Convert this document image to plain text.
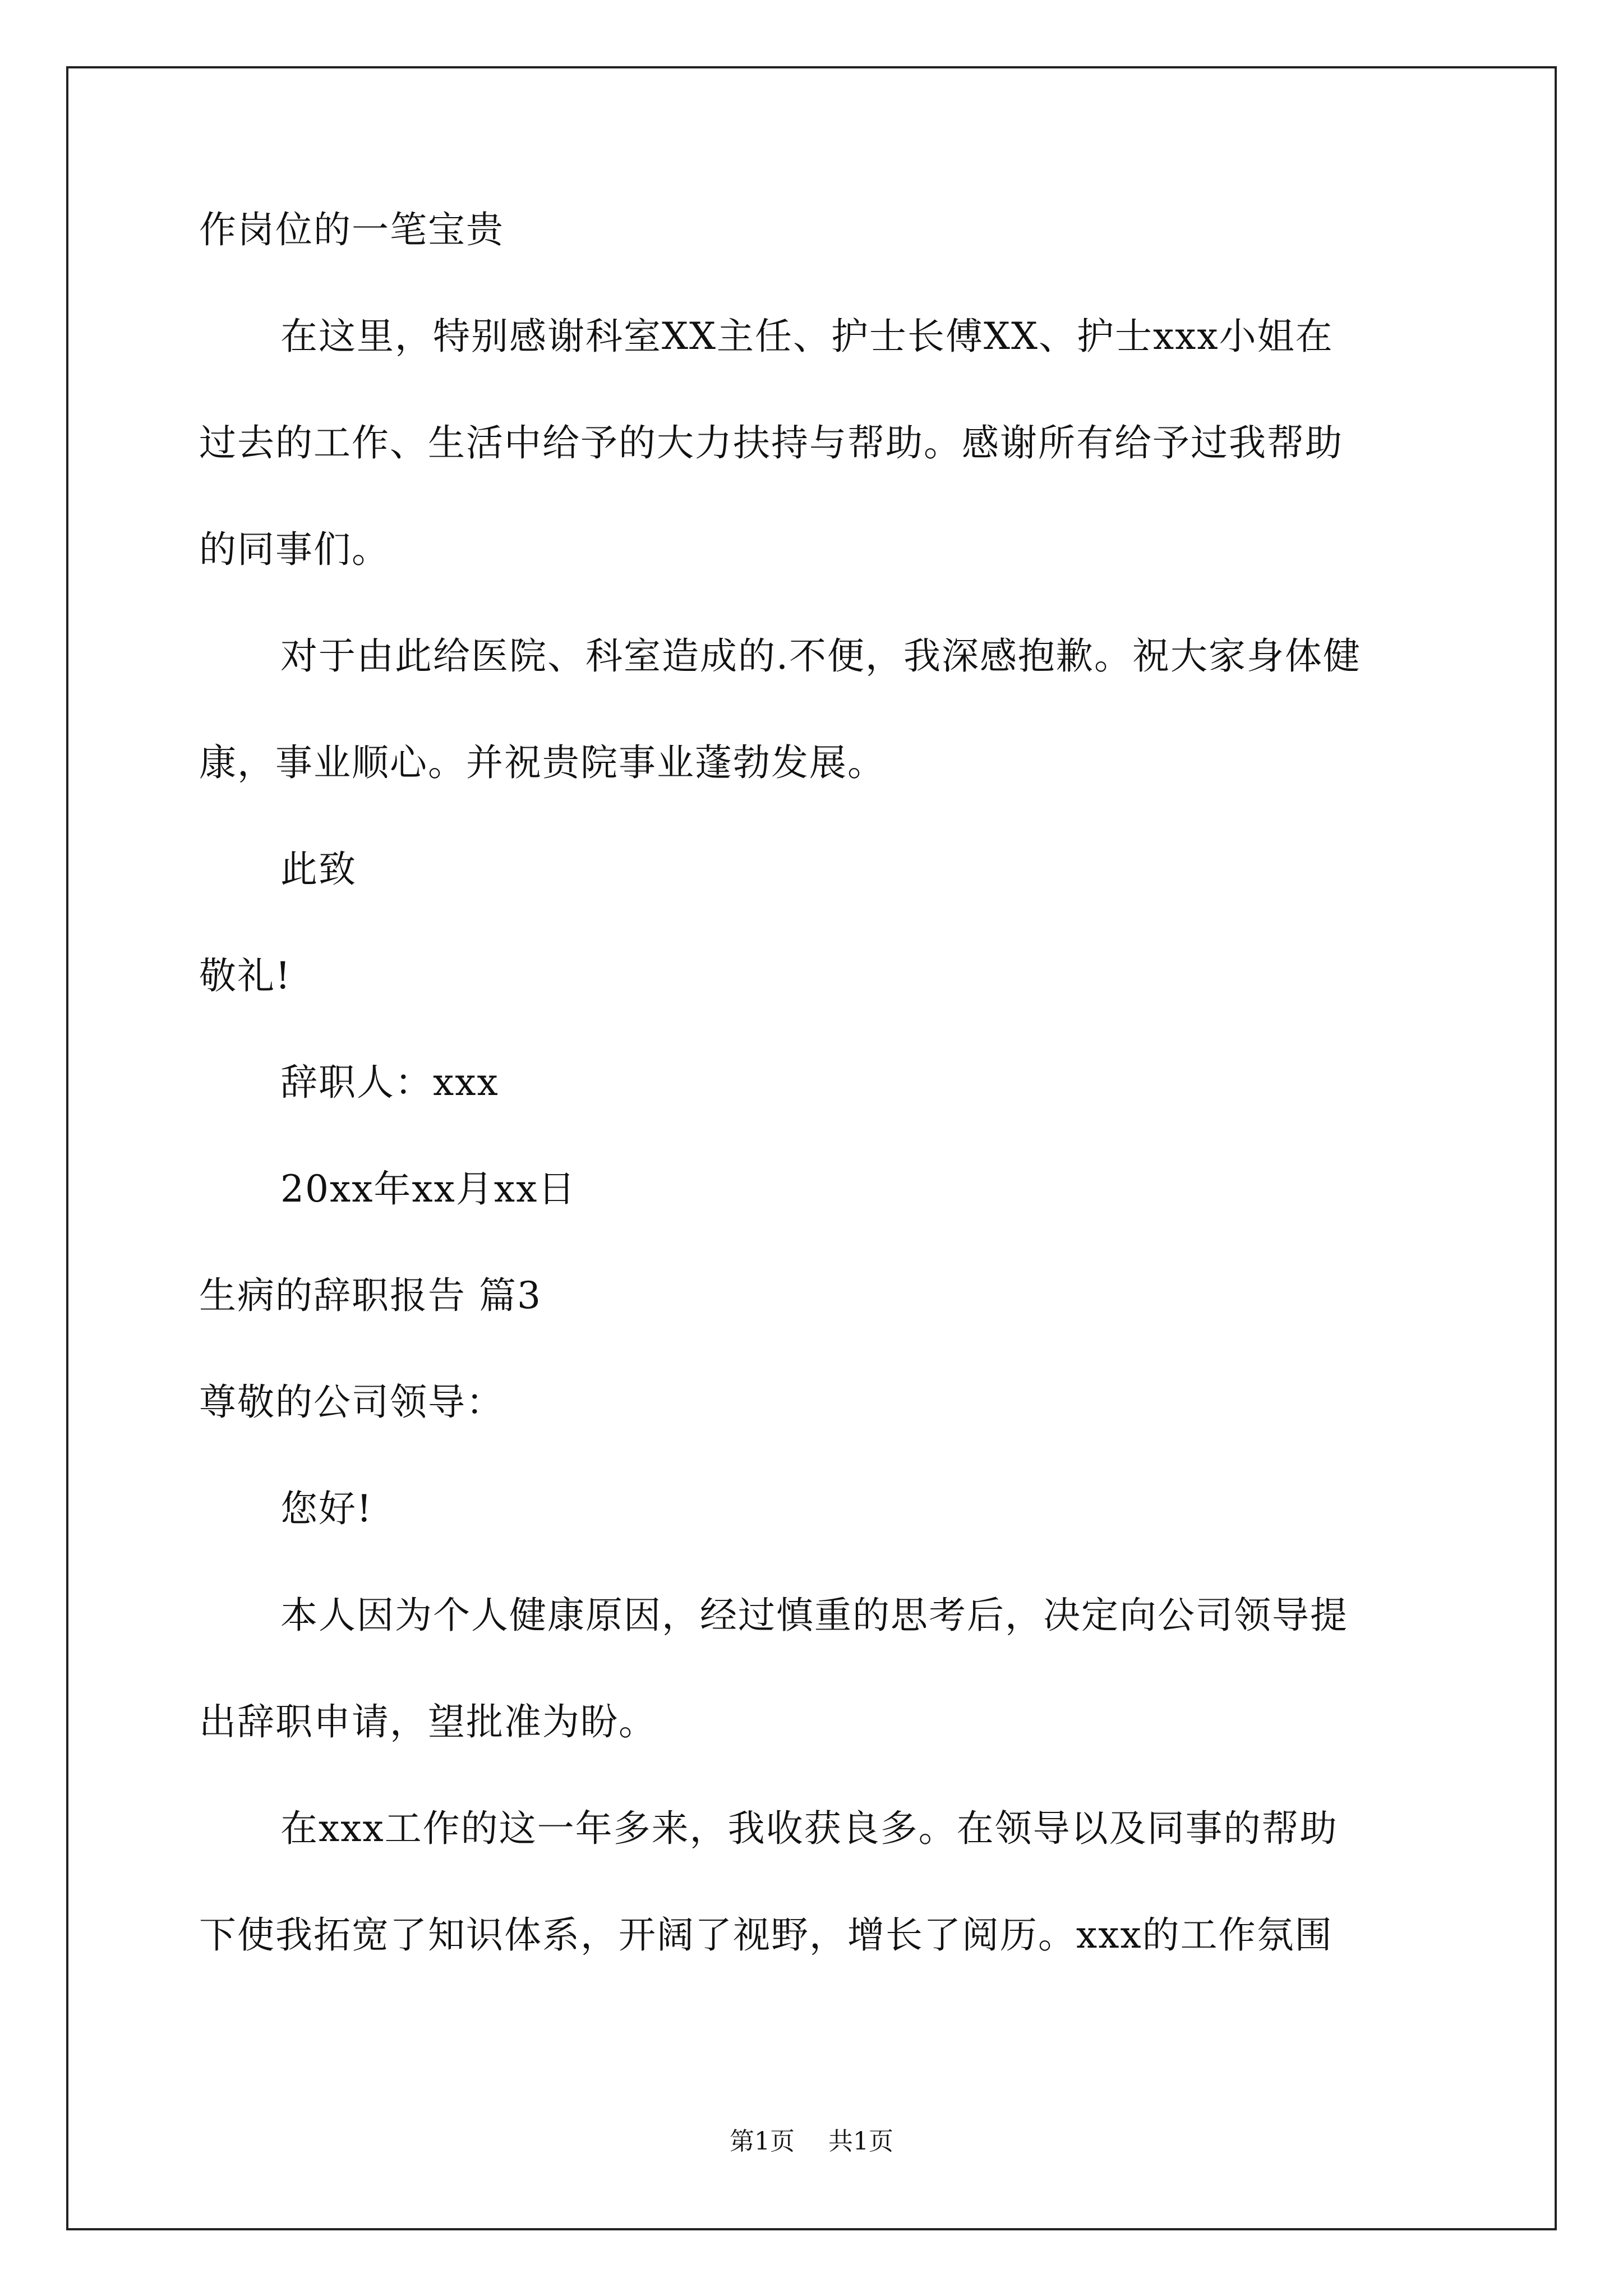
作岗位的一笔宝贵
在这里，特别感谢科室XX主任、护士长傅XX、护士xxx小姐在
过去的工作、生活中给予的大力扶持与帮助。感谢所有给予过我帮助
的同事们。
对于由此给医院、科室造成的.不便，我深感抱歉。祝大家身体健
康，事业顺心。并祝贵院事业蓬勃发展。
此致
敬礼!
辞职人：xxx
20xx年xx月xx日
生病的辞职报告 篇3
尊敬的公司领导：
您好!
本人因为个人健康原因，经过慎重的思考后，决定向公司领导提
出辞职申请，望批准为盼。
在xxx工作的这一年多来，我收获良多。在领导以及同事的帮助
下使我拓宽了知识体系，开阔了视野，增长了阅历。xxx的工作氛围
第1页 共1页
